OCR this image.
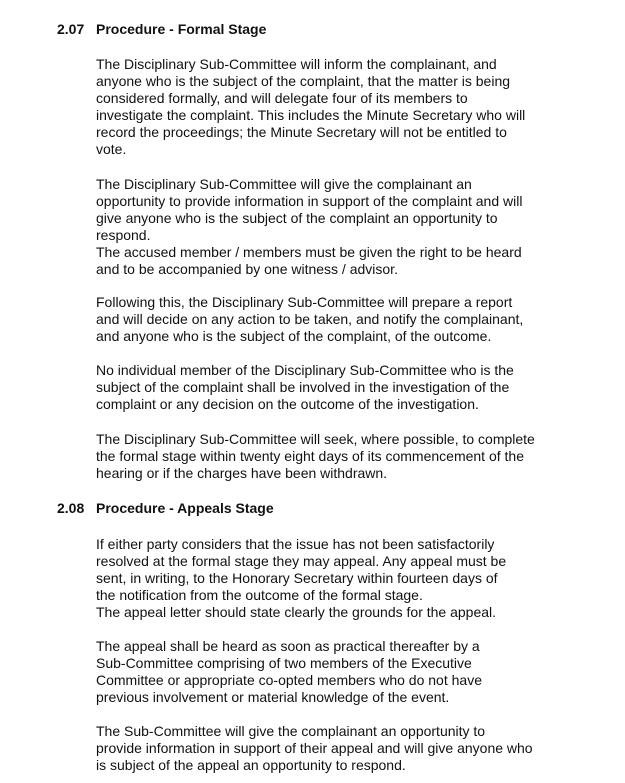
2.07 Procedure - Formal Stage

The Disciplinary Sub-Committee will inform the complainant, and
anyone who is the subject of the complaint, that the matter is being
considered formally, and will delegate four of its members to
investigate the complaint. This includes the Minute Secretary who will
record the proceedings; the Minute Secretary will not be entitled to
vote.

The Disciplinary Sub-Committee will give the complainant an
opportunity to provide information in support of the complaint and will
give anyone who is the subject of the complaint an opportunity to
respond.
The accused member / members must be given the right to be heard
and to be accompanied by one witness / advisor.

Following this, the Disciplinary Sub-Committee will prepare a report
and will decide on any action to be taken, and notify the complainant,
and anyone who is the subject of the complaint, of the outcome.

No individual member of the Disciplinary Sub-Committee who is the
subject of the complaint shall be involved in the investigation of the
complaint or any decision on the outcome of the investigation.

The Disciplinary Sub-Committee will seek, where possible, to complete
the formal stage within twenty eight days of its commencement of the
hearing or if the charges have been withdrawn.

2.08 Procedure - Appeals Stage

If either party considers that the issue has not been satisfactorily
resolved at the formal stage they may appeal. Any appeal must be
sent, in writing, to the Honorary Secretary within fourteen days of
the notification from the outcome of the formal stage.
The appeal letter should state clearly the grounds for the appeal.

The appeal shall be heard as soon as practical thereafter by a
Sub-Committee comprising of two members of the Executive
Committee or appropriate co-opted members who do not have
previous involvement or material knowledge of the event.

The Sub-Committee will give the complainant an opportunity to
provide information in support of their appeal and will give anyone who
is subject of the appeal an opportunity to respond.
